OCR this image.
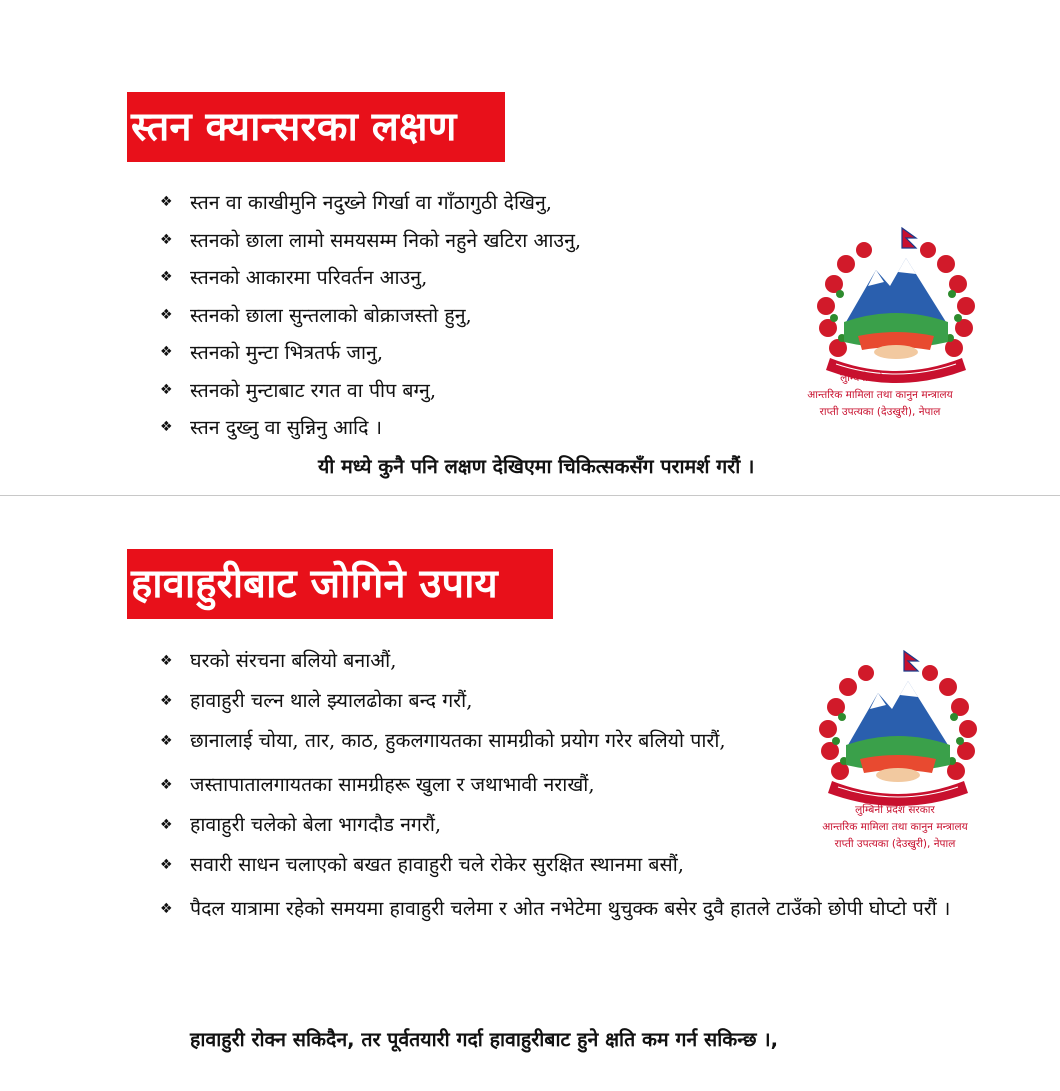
स्तन क्यान्सरका लक्षण
❖ स्तन वा काखीमुनि नदुख्ने गिर्खा वा गाँठागुठी देखिनु,
❖ स्तनको छाला लामो समयसम्म निको नहुने खटिरा आउनु,
❖ स्तनको आकारमा परिवर्तन आउनु,
❖ स्तनको छाला सुन्तलाको बोक्राजस्तो हुनु,
❖ स्तनको मुन्टा भित्रतर्फ जानु,
❖ स्तनको मुन्टाबाट रगत वा पीप बग्नु,
❖ स्तन दुख्नु वा सुन्निनु आदि ।
यी मध्ये कुनै पनि लक्षण देखिएमा चिकित्सकसँग परामर्श गरौं ।
लुम्बिनी प्रदेश सरकार
आन्तरिक मामिला तथा कानुन मन्त्रालय
राप्ती उपत्यका (देउखुरी), नेपाल
हावाहुरीबाट जोगिने उपाय
❖ घरको संरचना बलियो बनाऔं,
❖ हावाहुरी चल्न थाले झ्यालढोका बन्द गरौं,
❖ छानालाई चोया, तार, काठ, हुकलगायतका सामग्रीको प्रयोग गरेर बलियो पारौं,
❖ जस्तापातालगायतका सामग्रीहरू खुला र जथाभावी नराखौं,
❖ हावाहुरी चलेको बेला भागदौड नगरौं,
❖ सवारी साधन चलाएको बखत हावाहुरी चले रोकेर सुरक्षित स्थानमा बसौं,
❖ पैदल यात्रामा रहेको समयमा हावाहुरी चलेमा र ओत नभेटेमा थुचुक्क बसेर दुवै हातले टाउँको छोपी घोप्टो परौं ।
हावाहुरी रोक्न सकिदैन, तर पूर्वतयारी गर्दा हावाहुरीबाट हुने क्षति कम गर्न सकिन्छ ।,
लुम्बिनी प्रदेश सरकार
आन्तरिक मामिला तथा कानुन मन्त्रालय
राप्ती उपत्यका (देउखुरी), नेपाल
